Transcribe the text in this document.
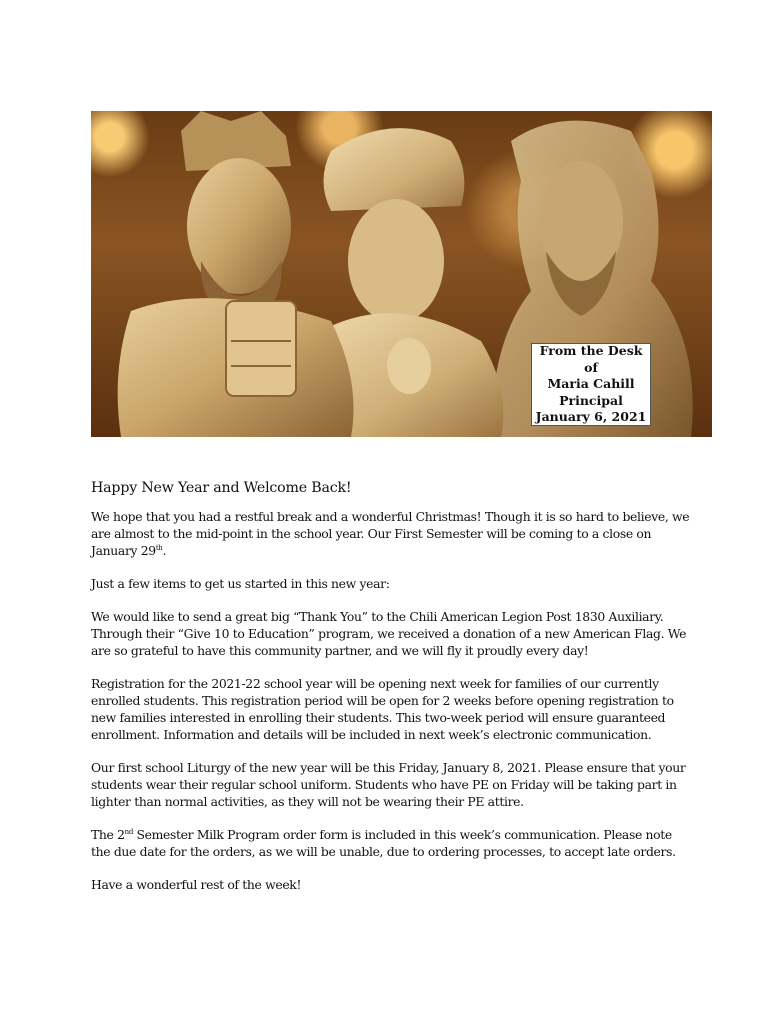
From the Desk of
Maria Cahill
Principal
January 6, 2021
Happy New Year and Welcome Back!

We hope that you had a restful break and a wonderful Christmas! Though it is so hard to believe, we are almost to the mid-point in the school year. Our First Semester will be coming to a close on January 29th.

Just a few items to get us started in this new year:

We would like to send a great big “Thank You” to the Chili American Legion Post 1830 Auxiliary. Through their “Give 10 to Education” program, we received a donation of a new American Flag. We are so grateful to have this community partner, and we will fly it proudly every day!

Registration for the 2021-22 school year will be opening next week for families of our currently enrolled students. This registration period will be open for 2 weeks before opening registration to new families interested in enrolling their students. This two-week period will ensure guaranteed enrollment. Information and details will be included in next week’s electronic communication.

Our first school Liturgy of the new year will be this Friday, January 8, 2021. Please ensure that your students wear their regular school uniform. Students who have PE on Friday will be taking part in lighter than normal activities, as they will not be wearing their PE attire.

The 2nd Semester Milk Program order form is included in this week’s communication. Please note the due date for the orders, as we will be unable, due to ordering processes, to accept late orders.

Have a wonderful rest of the week!
